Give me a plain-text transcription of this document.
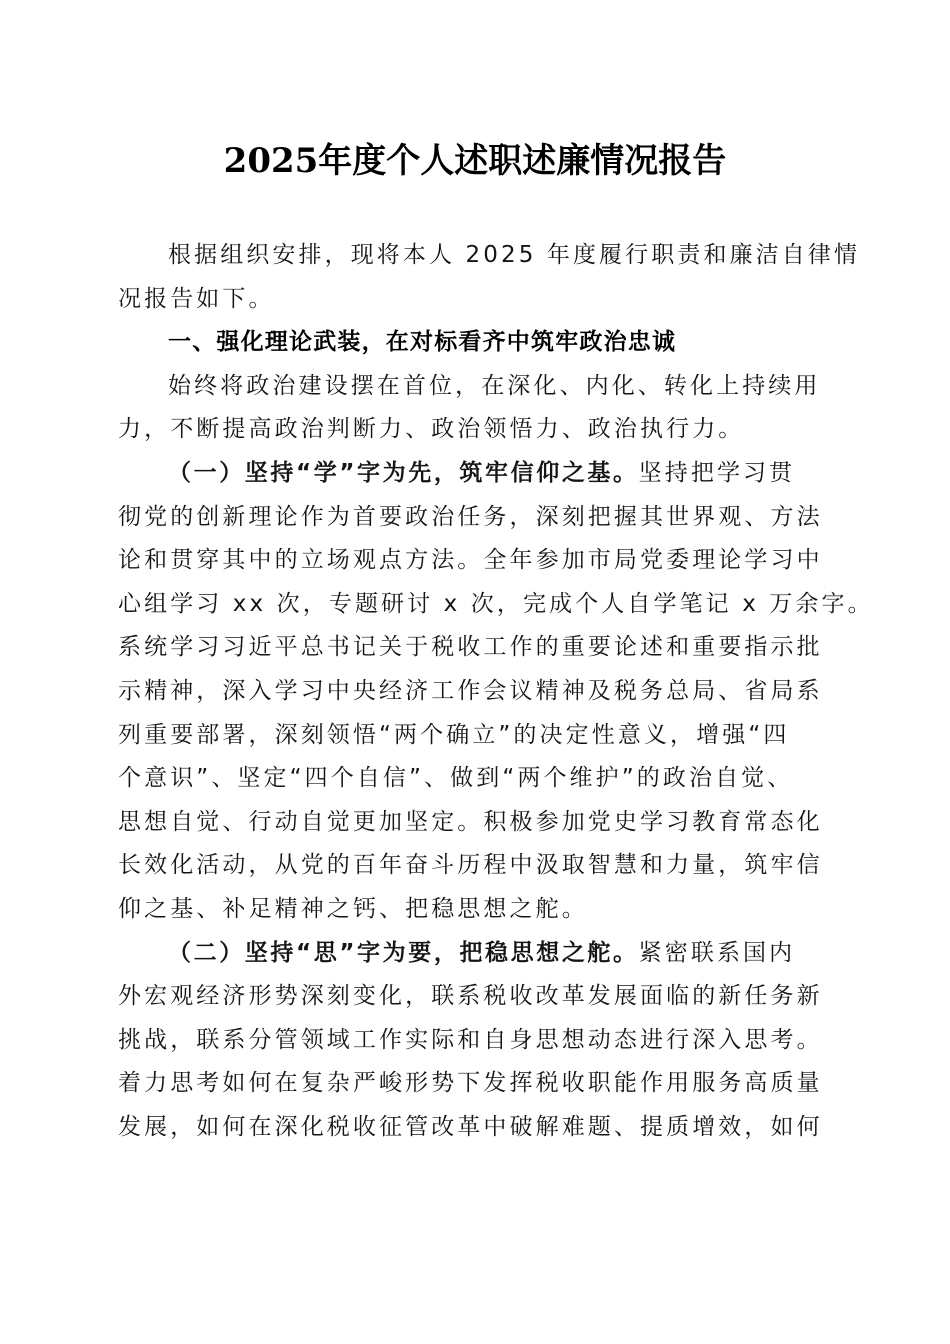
2025年度个人述职述廉情况报告
根据组织安排，现将本人 2025 年度履行职责和廉洁自律情
况报告如下。
一、强化理论武装，在对标看齐中筑牢政治忠诚
始终将政治建设摆在首位，在深化、内化、转化上持续用
力，不断提高政治判断力、政治领悟力、政治执行力。
（一）坚持“学”字为先，筑牢信仰之基。坚持把学习贯
彻党的创新理论作为首要政治任务，深刻把握其世界观、方法
论和贯穿其中的立场观点方法。全年参加市局党委理论学习中
心组学习 xx 次，专题研讨 x 次，完成个人自学笔记 x 万余字。
系统学习习近平总书记关于税收工作的重要论述和重要指示批
示精神，深入学习中央经济工作会议精神及税务总局、省局系
列重要部署，深刻领悟“两个确立”的决定性意义，增强“四
个意识”、坚定“四个自信”、做到“两个维护”的政治自觉、
思想自觉、行动自觉更加坚定。积极参加党史学习教育常态化
长效化活动，从党的百年奋斗历程中汲取智慧和力量，筑牢信
仰之基、补足精神之钙、把稳思想之舵。
（二）坚持“思”字为要，把稳思想之舵。紧密联系国内
外宏观经济形势深刻变化，联系税收改革发展面临的新任务新
挑战，联系分管领域工作实际和自身思想动态进行深入思考。
着力思考如何在复杂严峻形势下发挥税收职能作用服务高质量
发展，如何在深化税收征管改革中破解难题、提质增效，如何
